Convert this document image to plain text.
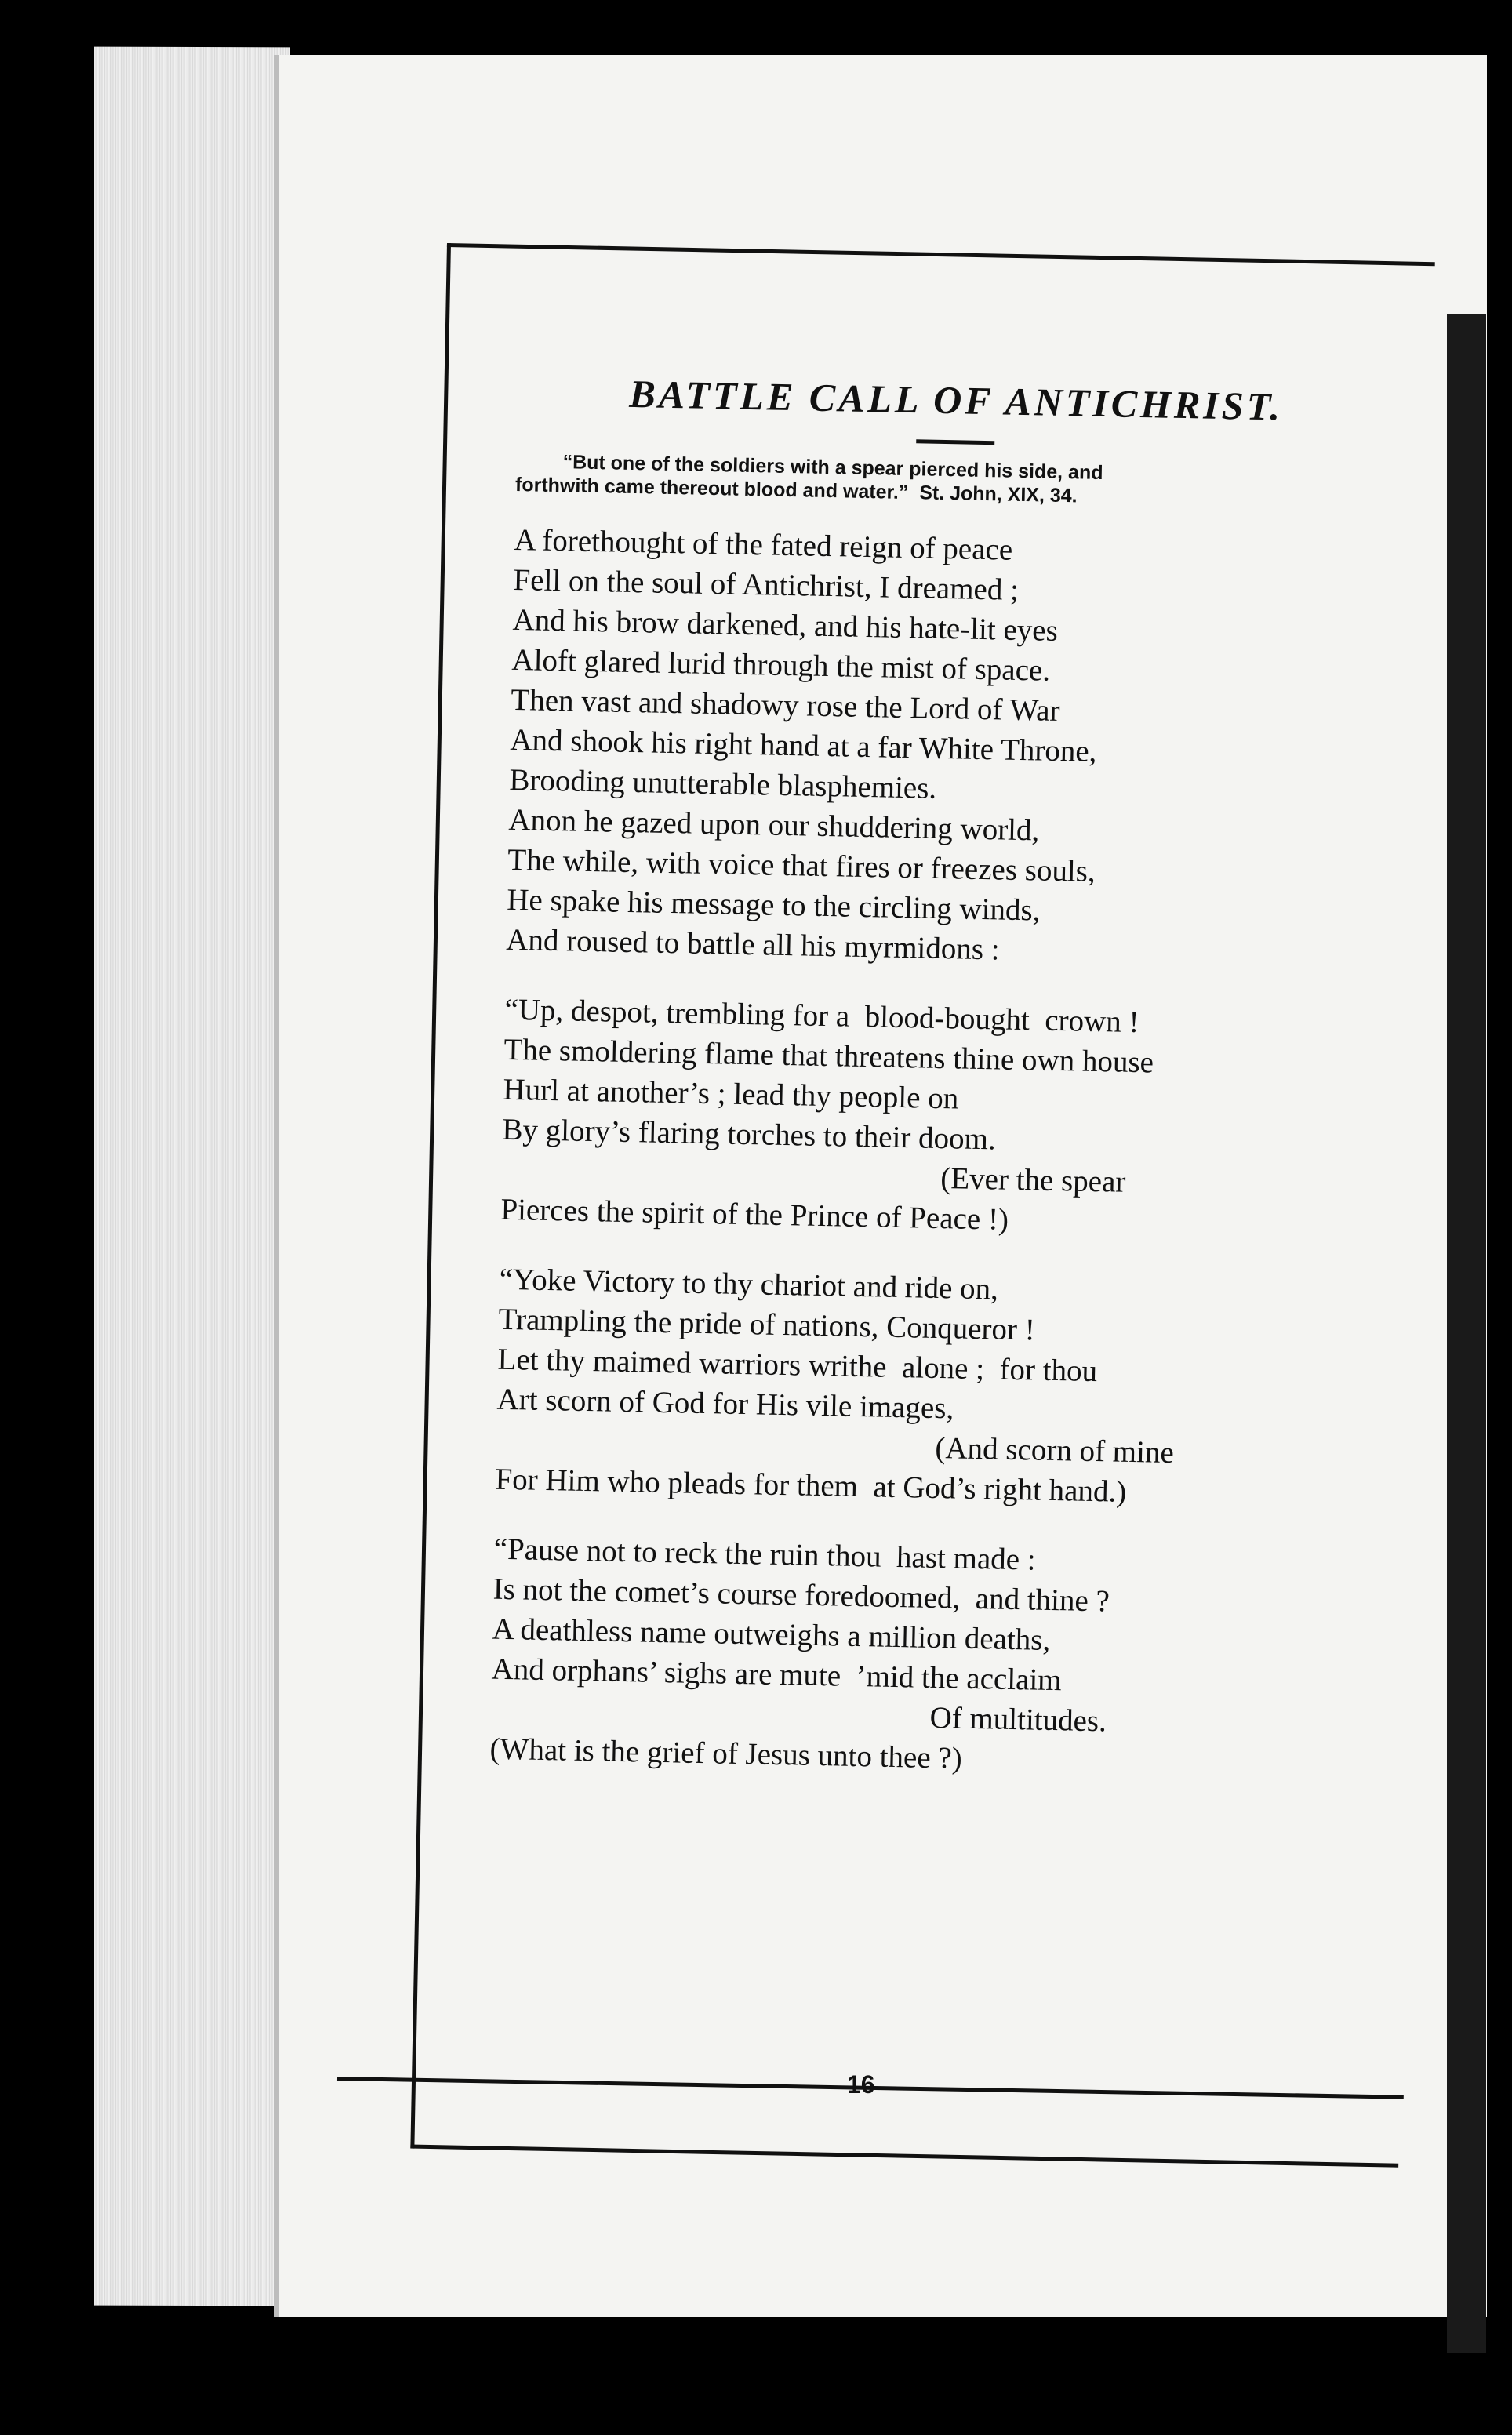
BATTLE CALL OF ANTICHRIST.
“But one of the soldiers with a spear pierced his side, and
forthwith came thereout blood and water.”  St. John, XIX, 34.
A forethought of the fated reign of peace
Fell on the soul of Antichrist, I dreamed ;
And his brow darkened, and his hate-lit eyes
Aloft glared lurid through the mist of space.
Then vast and shadowy rose the Lord of War
And shook his right hand at a far White Throne,
Brooding unutterable blasphemies.
Anon he gazed upon our shuddering world,
The while, with voice that fires or freezes souls,
He spake his message to the circling winds,
And roused to battle all his myrmidons :
“Up, despot, trembling for a  blood-bought  crown !
The smoldering flame that threatens thine own house
Hurl at another’s ; lead thy people on
By glory’s flaring torches to their doom.
(Ever the spear
Pierces the spirit of the Prince of Peace !)
“Yoke Victory to thy chariot and ride on,
Trampling the pride of nations, Conqueror !
Let thy maimed warriors writhe  alone ;  for thou
Art scorn of God for His vile images,
(And scorn of mine
For Him who pleads for them  at God’s right hand.)
“Pause not to reck the ruin thou  hast made :
Is not the comet’s course foredoomed,  and thine ?
A deathless name outweighs a million deaths,
And orphans’ sighs are mute  ’mid the acclaim
Of multitudes.
(What is the grief of Jesus unto thee ?)
16
